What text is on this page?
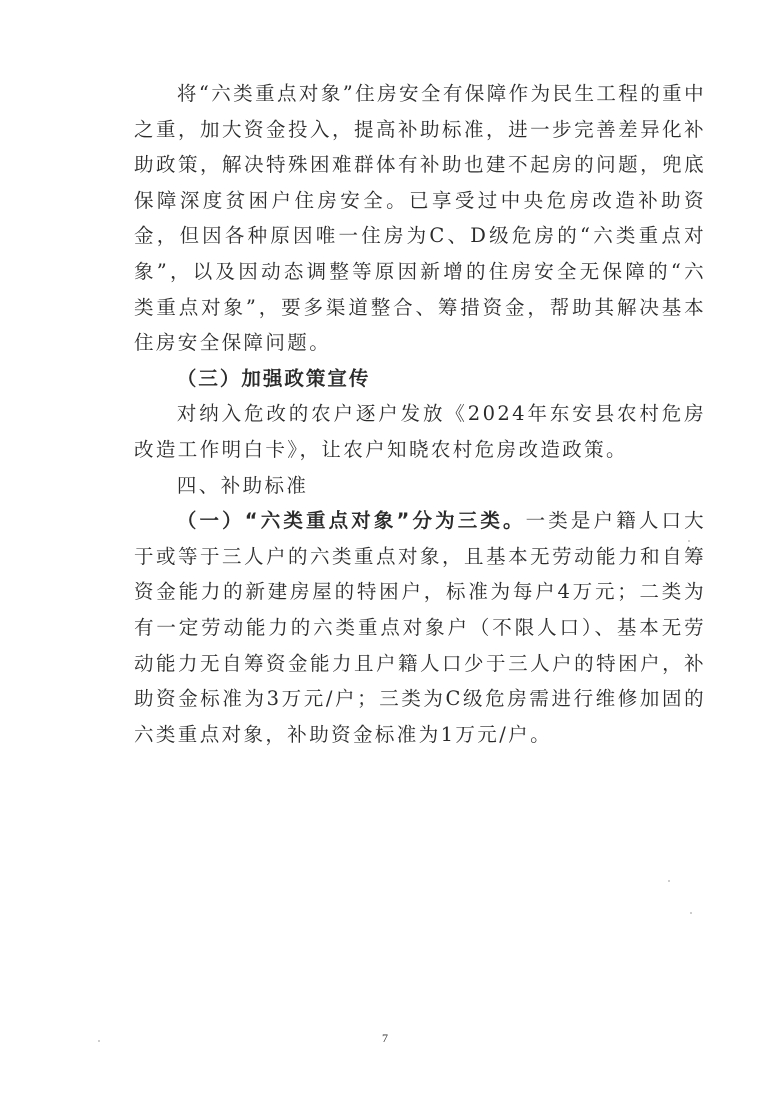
将“六类重点对象”住房安全有保障作为民生工程的重中之重，加大资金投入，提高补助标准，进一步完善差异化补助政策，解决特殊困难群体有补助也建不起房的问题，兜底保障深度贫困户住房安全。已享受过中央危房改造补助资金，但因各种原因唯一住房为C、D级危房的“六类重点对象”，以及因动态调整等原因新增的住房安全无保障的“六类重点对象”，要多渠道整合、筹措资金，帮助其解决基本住房安全保障问题。

（三）加强政策宣传

对纳入危改的农户逐户发放《2024年东安县农村危房改造工作明白卡》，让农户知晓农村危房改造政策。

四、补助标准

（一）“六类重点对象”分为三类。一类是户籍人口大于或等于三人户的六类重点对象，且基本无劳动能力和自筹资金能力的新建房屋的特困户，标准为每户4万元；二类为有一定劳动能力的六类重点对象户（不限人口）、基本无劳动能力无自筹资金能力且户籍人口少于三人户的特困户，补助资金标准为3万元/户；三类为C级危房需进行维修加固的六类重点对象，补助资金标准为1万元/户。

7
